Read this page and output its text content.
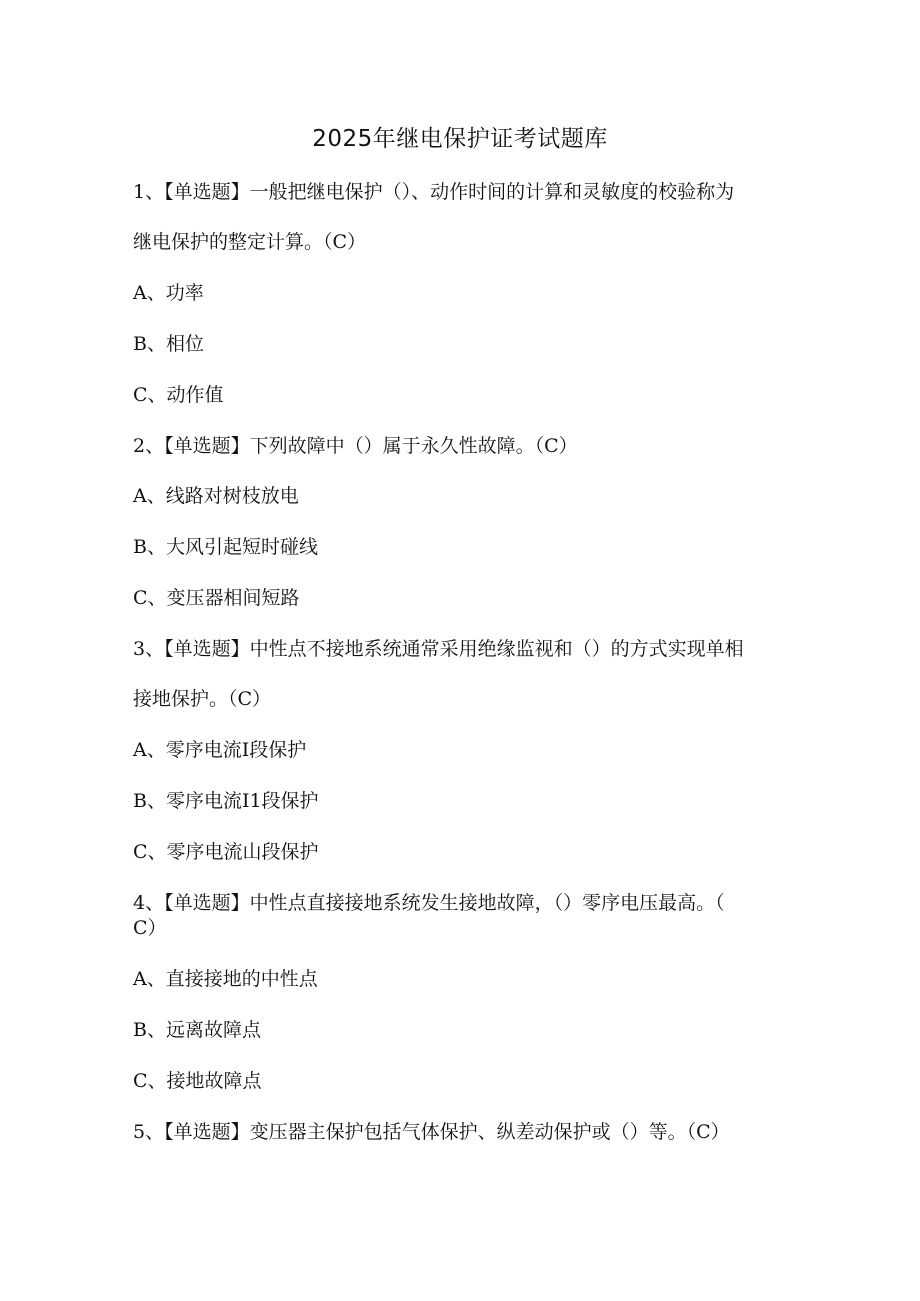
2025年继电保护证考试题库
1、【单选题】一般把继电保护（）、动作时间的计算和灵敏度的校验称为
继电保护的整定计算。（C）
A、功率
B、相位
C、动作值
2、【单选题】下列故障中（）属于永久性故障。（C）
A、线路对树枝放电
B、大风引起短时碰线
C、变压器相间短路
3、【单选题】中性点不接地系统通常采用绝缘监视和（）的方式实现单相
接地保护。（C）
A、零序电流I段保护
B、零序电流I1段保护
C、零序电流山段保护
4、【单选题】中性点直接接地系统发生接地故障，（）零序电压最高。（
C）
A、直接接地的中性点
B、远离故障点
C、接地故障点
5、【单选题】变压器主保护包括气体保护、纵差动保护或（）等。（C）
